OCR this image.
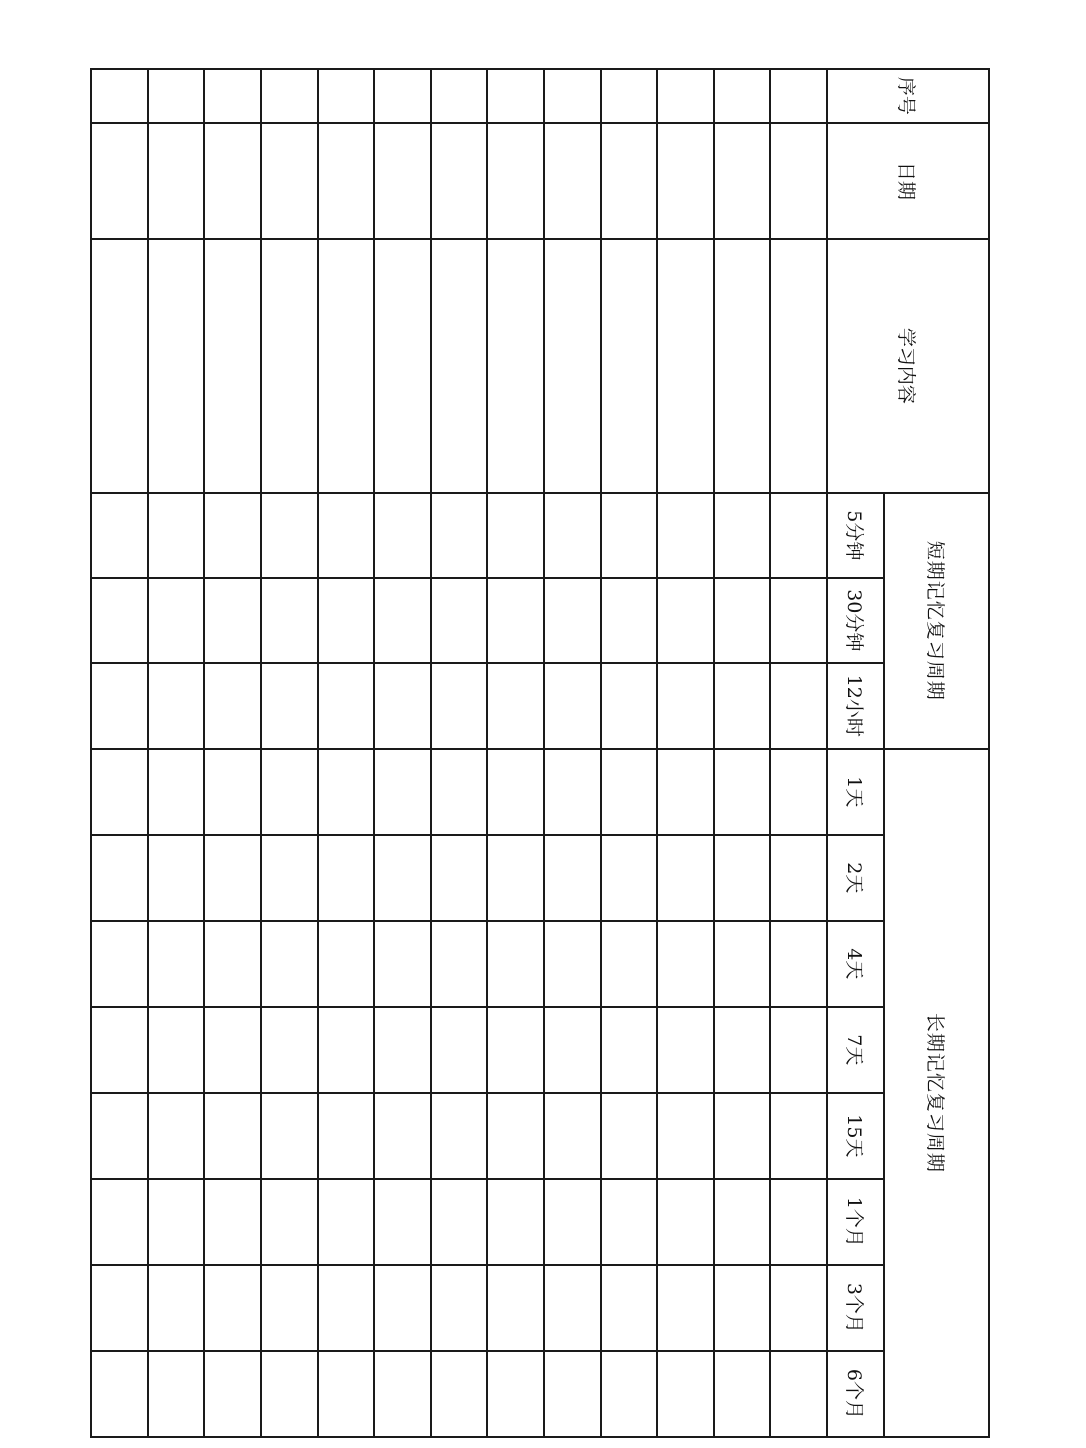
序号	日期	学习内容	短期记忆复习周期			长期记忆复习周期							
			5分钟	30分钟	12小时	1天	2天	4天	7天	15天	1个月	3个月	6个月
